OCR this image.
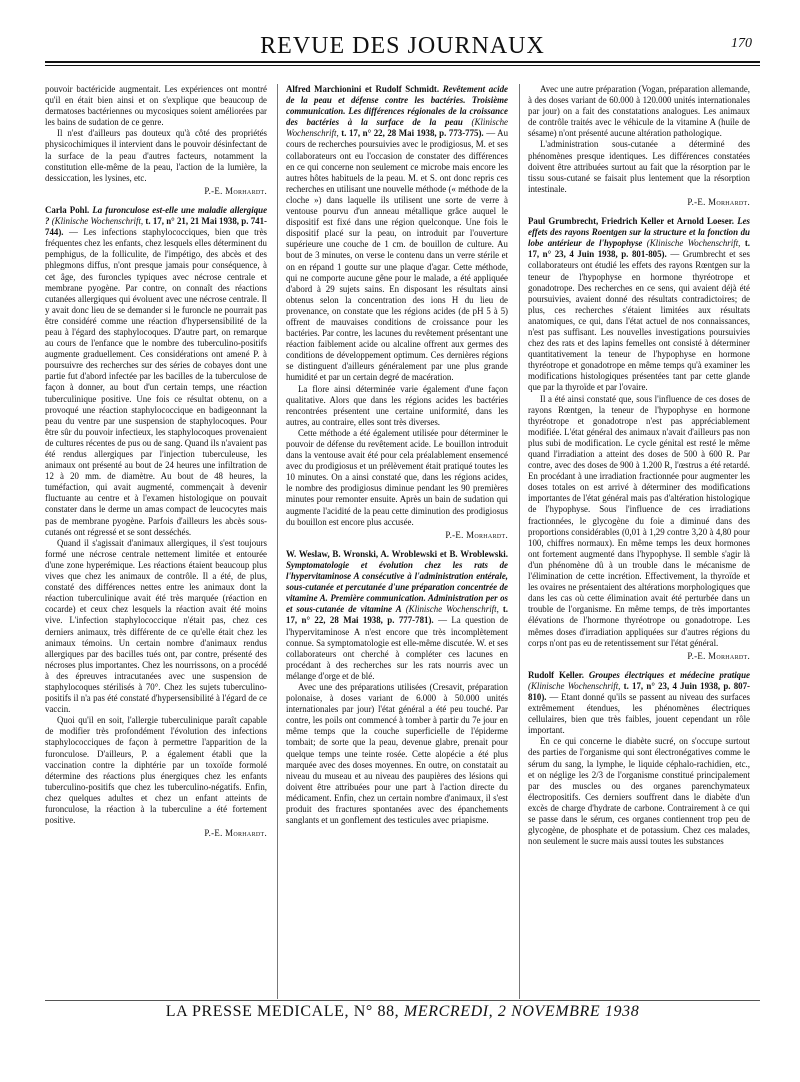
REVUE DES JOURNAUX	170

pouvoir bactéricide augmentait. Les expériences ont montré qu'il en était bien ainsi et on s'explique que beaucoup de dermatoses bactériennes ou mycosiques soient améliorées par les bains de sudation de ce genre.

Il n'est d'ailleurs pas douteux qu'à côté des propriétés physicochimiques il intervient dans le pouvoir désinfectant de la surface de la peau d'autres facteurs, notamment la constitution elle-même de la peau, l'action de la lumière, la dessiccation, les lysines, etc.

P.-E. Morhardt.

Carla Pohl. La furonculose est-elle une maladie allergique ? (Klinische Wochenschrift, t. 17, n° 21, 21 Mai 1938, p. 741-744). — Les infections staphylococciques, bien que très fréquentes chez les enfants, chez lesquels elles déterminent du pemphigus, de la folliculite, de l'impétigo, des abcès et des phlegmons diffus, n'ont presque jamais pour conséquence, à cet âge, des furoncles typiques avec nécrose centrale et membrane pyogène. Par contre, on connaît des réactions cutanées allergiques qui évoluent avec une nécrose centrale. Il y avait donc lieu de se demander si le furoncle ne pourrait pas être considéré comme une réaction d'hypersensibilité de la peau à l'égard des staphylocoques. D'autre part, on remarque au cours de l'enfance que le nombre des tuberculino-positifs augmente graduellement. Ces considérations ont amené P. à poursuivre des recherches sur des séries de cobayes dont une partie fut d'abord infectée par les bacilles de la tuberculose de façon à donner, au bout d'un certain temps, une réaction tuberculinique positive. Une fois ce résultat obtenu, on a provoqué une réaction staphylococcique en badigeonnant la peau du ventre par une suspension de staphylocoques. Pour être sûr du pouvoir infectieux, les staphylocoques provenaient de cultures récentes de pus ou de sang. Quand ils n'avaient pas été rendus allergiques par l'injection tuberculeuse, les animaux ont présenté au bout de 24 heures une infiltration de 12 à 20 mm. de diamètre. Au bout de 48 heures, la tuméfaction, qui avait augmenté, commençait à devenir fluctuante au centre et à l'examen histologique on pouvait constater dans le derme un amas compact de leucocytes mais pas de membrane pyogène. Parfois d'ailleurs les abcès sous-cutanés ont régressé et se sont desséchés.

Quand il s'agissait d'animaux allergiques, il s'est toujours formé une nécrose centrale nettement limitée et entourée d'une zone hyperémique. Les réactions étaient beaucoup plus vives que chez les animaux de contrôle. Il a été, de plus, constaté des différences nettes entre les animaux dont la réaction tuberculinique avait été très marquée (réaction en cocarde) et ceux chez lesquels la réaction avait été moins vive. L'infection staphylococcique n'était pas, chez ces derniers animaux, très différente de ce qu'elle était chez les animaux témoins. Un certain nombre d'animaux rendus allergiques par des bacilles tués ont, par contre, présenté des nécroses plus importantes. Chez les nourrissons, on a procédé à des épreuves intracutanées avec une suspension de staphylocoques stérilisés à 70°. Chez les sujets tuberculino-positifs il n'a pas été constaté d'hypersensibilité à l'égard de ce vaccin.

Quoi qu'il en soit, l'allergie tuberculinique paraît capable de modifier très profondément l'évolution des infections staphylococciques de façon à permettre l'apparition de la furonculose. D'ailleurs, P. a également établi que la vaccination contre la diphtérie par un toxoïde formolé détermine des réactions plus énergiques chez les enfants tuberculino-positifs que chez les tuberculino-négatifs. Enfin, chez quelques adultes et chez un enfant atteints de furonculose, la réaction à la tuberculine a été fortement positive.

P.-E. Morhardt.

Alfred Marchionini et Rudolf Schmidt. Revêtement acide de la peau et défense contre les bactéries. Troisième communication. Les différences régionales de la croissance des bactéries à la surface de la peau (Klinische Wochenschrift, t. 17, n° 22, 28 Mai 1938, p. 773-775). — Au cours de recherches poursuivies avec le prodigiosus, M. et ses collaborateurs ont eu l'occasion de constater des différences en ce qui concerne non seulement ce microbe mais encore les autres hôtes habituels de la peau. M. et S. ont donc repris ces recherches en utilisant une nouvelle méthode (« méthode de la cloche ») dans laquelle ils utilisent une sorte de verre à ventouse pourvu d'un anneau métallique grâce auquel le dispositif est fixé dans une région quelconque. Une fois le dispositif placé sur la peau, on introduit par l'ouverture supérieure une couche de 1 cm. de bouillon de culture. Au bout de 3 minutes, on verse le contenu dans un verre stérile et on en répand 1 goutte sur une plaque d'agar. Cette méthode, qui ne comporte aucune gêne pour le malade, a été appliquée d'abord à 29 sujets sains. En disposant les résultats ainsi obtenus selon la concentration des ions H du lieu de provenance, on constate que les régions acides (de pH 5 à 5) offrent de mauvaises conditions de croissance pour les bactéries. Par contre, les lacunes du revêtement présentant une réaction faiblement acide ou alcaline offrent aux germes des conditions de développement optimum. Ces dernières régions se distinguent d'ailleurs généralement par une plus grande humidité et par un certain degré de macération.

La flore ainsi déterminée varie également d'une façon qualitative. Alors que dans les régions acides les bactéries rencontrées présentent une certaine uniformité, dans les autres, au contraire, elles sont très diverses.

Cette méthode a été également utilisée pour déterminer le pouvoir de défense du revêtement acide. Le bouillon introduit dans la ventouse avait été pour cela préalablement ensemencé avec du prodigiosus et un prélèvement était pratiqué toutes les 10 minutes. On a ainsi constaté que, dans les régions acides, le nombre des prodigiosus diminue pendant les 90 premières minutes pour remonter ensuite. Après un bain de sudation qui augmente l'acidité de la peau cette diminution des prodigiosus du bouillon est encore plus accusée.

P.-E. Morhardt.

W. Weslaw, B. Wronski, A. Wroblewski et B. Wroblewski. Symptomatologie et évolution chez les rats de l'hypervitaminose A consécutive à l'administration entérale, sous-cutanée et percutanée d'une préparation concentrée de vitamine A. Première communication. Administration per os et sous-cutanée de vitamine A (Klinische Wochenschrift, t. 17, n° 22, 28 Mai 1938, p. 777-781). — La question de l'hypervitaminose A n'est encore que très incomplètement connue. Sa symptomatologie est elle-même discutée. W. et ses collaborateurs ont cherché à compléter ces lacunes en procédant à des recherches sur les rats nourris avec un mélange d'orge et de blé.

Avec une des préparations utilisées (Cresavit, préparation polonaise, à doses variant de 6.000 à 50.000 unités internationales par jour) l'état général a été peu touché. Par contre, les poils ont commencé à tomber à partir du 7e jour en même temps que la couche superficielle de l'épiderme tombait; de sorte que la peau, devenue glabre, prenait pour quelque temps une teinte rosée. Cette alopécie a été plus marquée avec des doses moyennes. En outre, on constatait au niveau du museau et au niveau des paupières des lésions qui doivent être attribuées pour une part à l'action directe du médicament. Enfin, chez un certain nombre d'animaux, il s'est produit des fractures spontanées avec des épanchements sanglants et un gonflement des testicules avec priapisme.

Avec une autre préparation (Vogan, préparation allemande, à des doses variant de 60.000 à 120.000 unités internationales par jour) on a fait des constatations analogues. Les animaux de contrôle traités avec le véhicule de la vitamine A (huile de sésame) n'ont présenté aucune altération pathologique.

L'administration sous-cutanée a déterminé des phénomènes presque identiques. Les différences constatées doivent être attribuées surtout au fait que la résorption par le tissu sous-cutané se faisait plus lentement que la résorption intestinale.

P.-E. Morhardt.

Paul Grumbrecht, Friedrich Keller et Arnold Loeser. Les effets des rayons Roentgen sur la structure et la fonction du lobe antérieur de l'hypophyse (Klinische Wochenschrift, t. 17, n° 23, 4 Juin 1938, p. 801-805). — Grumbrecht et ses collaborateurs ont étudié les effets des rayons Rœntgen sur la teneur de l'hypophyse en hormone thyréotrope et gonadotrope. Des recherches en ce sens, qui avaient déjà été poursuivies, avaient donné des résultats contradictoires; de plus, ces recherches s'étaient limitées aux résultats anatomiques, ce qui, dans l'état actuel de nos connaissances, n'est pas suffisant. Les nouvelles investigations poursuivies chez des rats et des lapins femelles ont consisté à déterminer quantitativement la teneur de l'hypophyse en hormone thyréotrope et gonadotrope en même temps qu'à examiner les modifications histologiques présentées tant par cette glande que par la thyroïde et par l'ovaire.

Il a été ainsi constaté que, sous l'influence de ces doses de rayons Rœntgen, la teneur de l'hypophyse en hormone thyréotrope et gonadotrope n'est pas appréciablement modifiée. L'état général des animaux n'avait d'ailleurs pas non plus subi de modification. Le cycle génital est resté le même quand l'irradiation a atteint des doses de 500 à 600 R. Par contre, avec des doses de 900 à 1.200 R, l'œstrus a été retardé. En procédant à une irradiation fractionnée pour augmenter les doses totales on est arrivé à déterminer des modifications importantes de l'état général mais pas d'altération histologique de l'hypophyse. Sous l'influence de ces irradiations fractionnées, le glycogène du foie a diminué dans des proportions considérables (0,01 à 1,29 contre 3,20 à 4,80 pour 100, chiffres normaux). En même temps les deux hormones ont fortement augmenté dans l'hypophyse. Il semble s'agir là d'un phénomène dû à un trouble dans le mécanisme de l'élimination de cette incrétion. Effectivement, la thyroïde et les ovaires ne présentaient des altérations morphologiques que dans les cas où cette élimination avait été perturbée dans un trouble de l'organisme. En même temps, de très importantes élévations de l'hormone thyréotrope ou gonadotrope. Les mêmes doses d'irradiation appliquées sur d'autres régions du corps n'ont pas eu de retentissement sur l'état général.

P.-E. Morhardt.

Rudolf Keller. Groupes électriques et médecine pratique (Klinische Wochenschrift, t. 17, n° 23, 4 Juin 1938, p. 807-810). — Etant donné qu'ils se passent au niveau des surfaces extrêmement étendues, les phénomènes électriques cellulaires, bien que très faibles, jouent cependant un rôle important.

En ce qui concerne le diabète sucré, on s'occupe surtout des parties de l'organisme qui sont électronégatives comme le sérum du sang, la lymphe, le liquide céphalo-rachidien, etc., et on néglige les 2/3 de l'organisme constitué principalement par des muscles ou des organes parenchymateux électropositifs. Ces derniers souffrent dans le diabète d'un excès de charge d'hydrate de carbone. Contrairement à ce qui se passe dans le sérum, ces organes contiennent trop peu de glycogène, de phosphate et de potassium. Chez ces malades, non seulement le sucre mais aussi toutes les substances

LA PRESSE MEDICALE, N° 88, MERCREDI, 2 NOVEMBRE 1938
